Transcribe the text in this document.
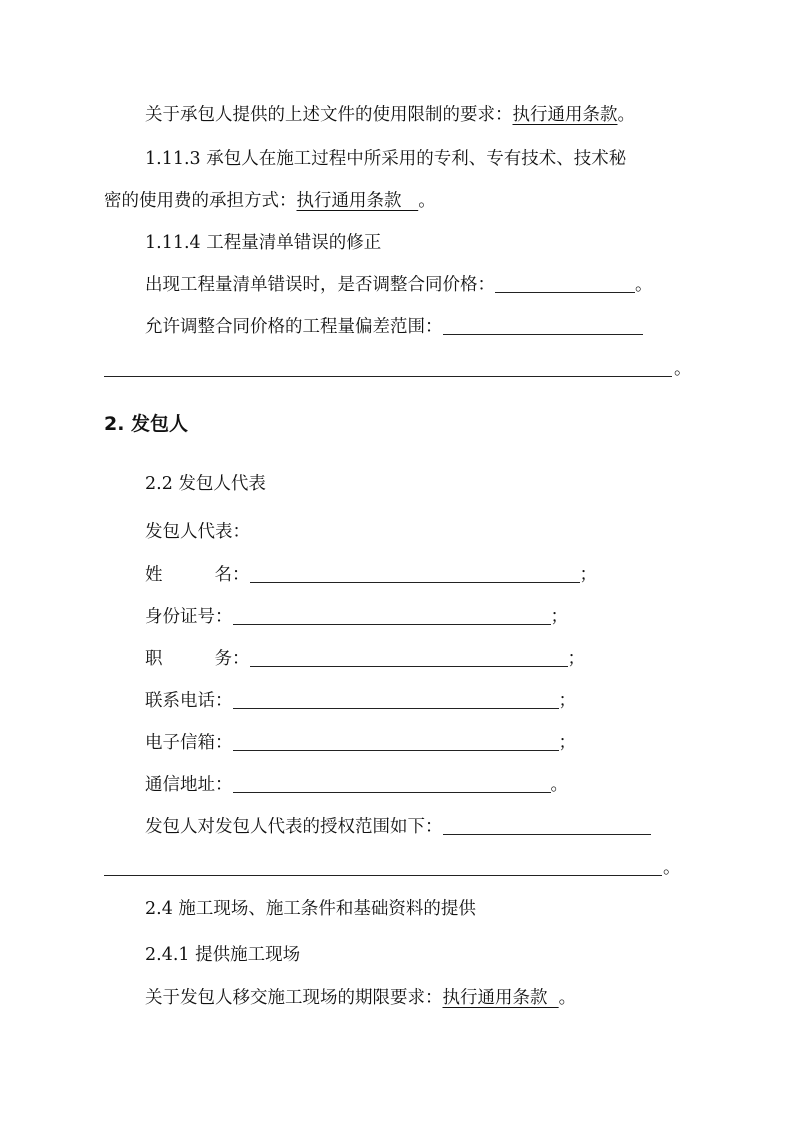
关于承包人提供的上述文件的使用限制的要求：执行通用条款。
1.11.3 承包人在施工过程中所采用的专利、专有技术、技术秘
密的使用费的承担方式：执行通用条款 。
1.11.4 工程量清单错误的修正
出现工程量清单错误时，是否调整合同价格：	。
允许调整合同价格的工程量偏差范围：
。
2. 发包人
2.2 发包人代表
发包人代表：
姓	名：	；
身份证号：	；
职	务：	；
联系电话：	；
电子信箱：	；
通信地址：	。
发包人对发包人代表的授权范围如下：
。
2.4 施工现场、施工条件和基础资料的提供
2.4.1 提供施工现场
关于发包人移交施工现场的期限要求：执行通用条款 。
